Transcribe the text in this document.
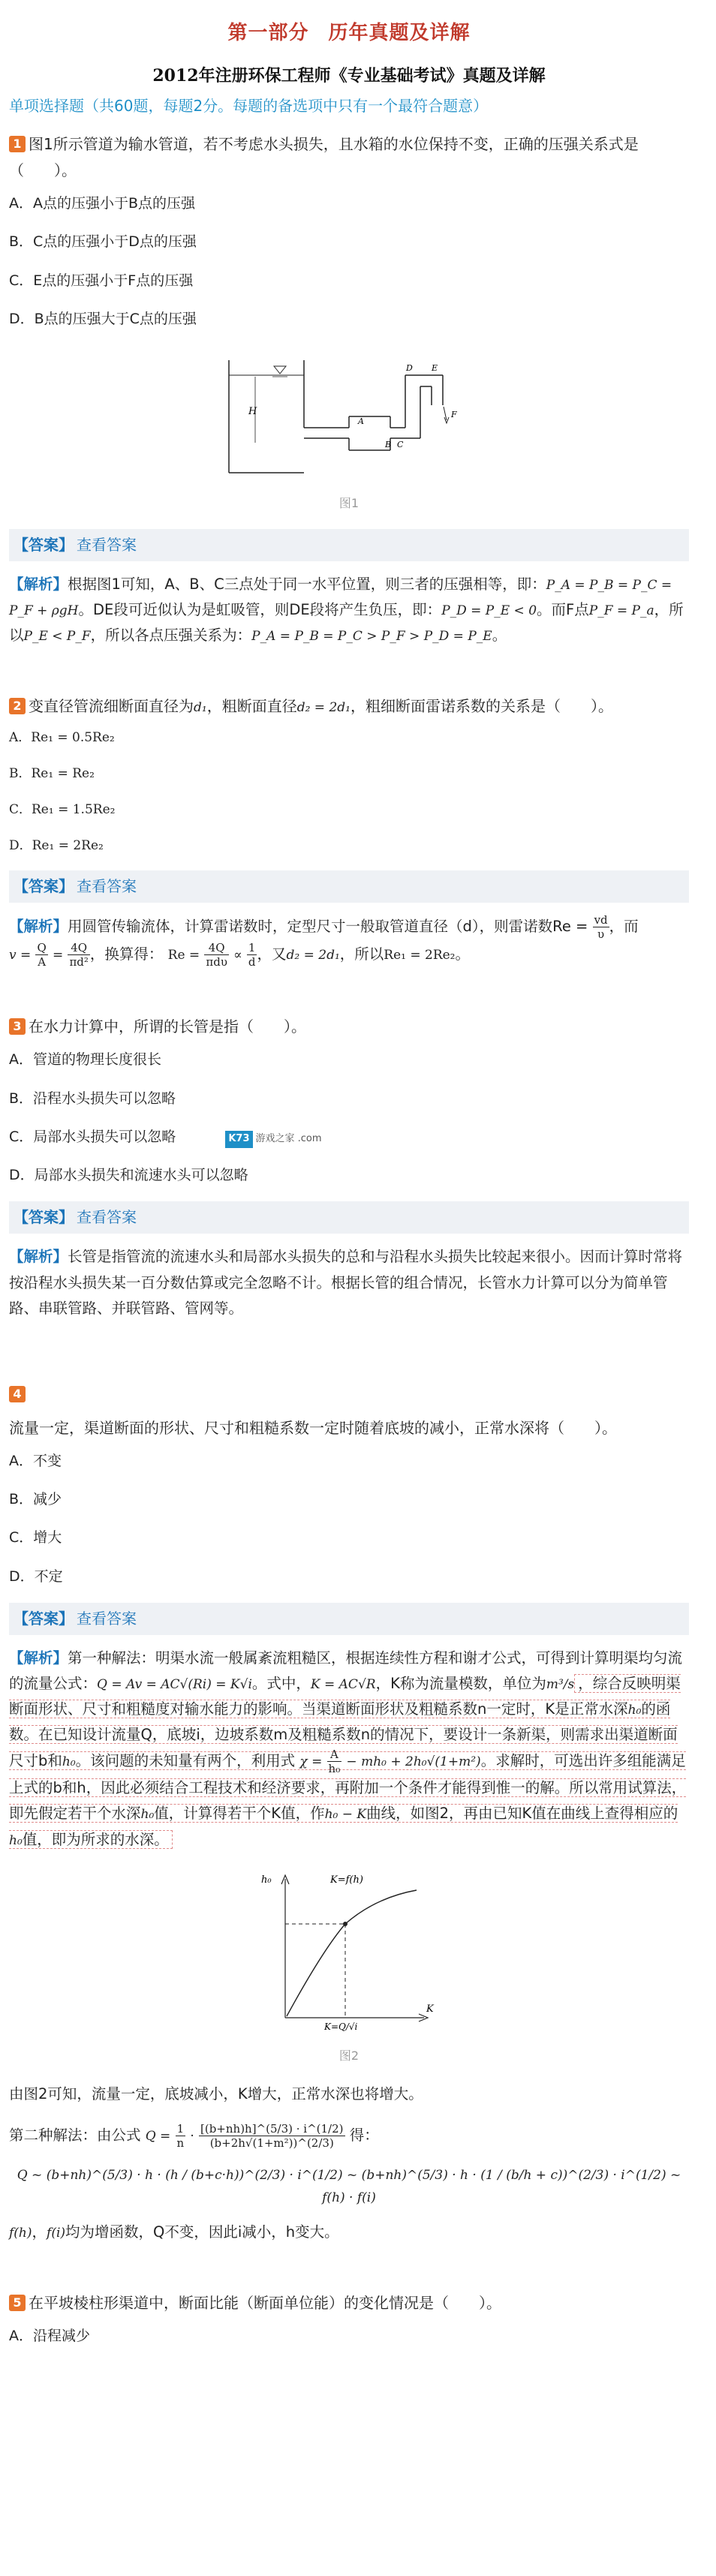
第一部分 历年真题及详解
2012年注册环保工程师《专业基础考试》真题及详解
单项选择题（共60题，每题2分。每题的备选项中只有一个最符合题意）
1 图1所示管道为输水管道，若不考虑水头损失，且水箱的水位保持不变，正确的压强关系式是（　　）。
A．A点的压强小于B点的压强
B．C点的压强小于D点的压强
C．E点的压强小于F点的压强
D．B点的压强大于C点的压强
H
A
B C
D E
F
图1
【答案】 查看答案
【解析】根据图1可知，A、B、C三点处于同一水平位置，则三者的压强相等，即：P_A = P_B = P_C = P_F + ρgH。DE段可近似认为是虹吸管，则DE段将产生负压，即：P_D = P_E < 0。而F点P_F = P_a，所以P_E < P_F，所以各点压强关系为：P_A = P_B = P_C > P_F > P_D = P_E。
2 变直径管流细断面直径为d₁，粗断面直径d₂ = 2d₁，粗细断面雷诺系数的关系是（　　）。
A．Re₁ = 0.5Re₂
B．Re₁ = Re₂
C．Re₁ = 1.5Re₂
D．Re₁ = 2Re₂
【答案】 查看答案
【解析】用圆管传输流体，计算雷诺数时，定型尺寸一般取管道直径（d），则雷诺数$Re = \frac{vd}{\upsilon}$ ，而
$v = \frac{Q}{A} = \frac{4Q}{\text{πd²}}$ ，换算得： $Re = \frac{4Q}{\text{πdυ}} \propto \frac{1}{d}$ ，又d₂ = 2d₁，所以Re₁ = 2Re₂。
3 在水力计算中，所谓的长管是指（　　）。
A．管道的物理长度很长
B．沿程水头损失可以忽略
C．局部水头损失可以忽略	K73 游戏之家 .com
D．局部水头损失和流速水头可以忽略
【答案】 查看答案
【解析】长管是指管流的流速水头和局部水头损失的总和与沿程水头损失比较起来很小。因而计算时常将按沿程水头损失某一百分数估算或完全忽略不计。根据长管的组合情况，长管水力计算可以分为简单管路、串联管路、并联管路、管网等。
4
流量一定，渠道断面的形状、尺寸和粗糙系数一定时随着底坡的减小，正常水深将（　　）。
A．不变
B．减少
C．增大
D．不定
【答案】 查看答案
【解析】第一种解法：明渠水流一般属紊流粗糙区，根据连续性方程和谢才公式，可得到计算明渠均匀流的流量公式：Q = Av = AC√(Ri) = K√i。式中，K = AC√R，K称为流量模数，单位为m³/s ，综合反映明渠断面形状、尺寸和粗糙度对输水能力的影响。当渠道断面形状及粗糙系数n一定时，K是正常水深h₀的函数。在已知设计流量Q，底坡i，边坡系数m及粗糙系数n的情况下，要设计一条新渠，则需求出渠道断面尺寸b和h₀。该问题的未知量有两个，利用式 $\chi = \frac{A}{\text{h₀}} - mh_0 + 2h_0√(1+m^2)$。求解时，可选出许多组能满足上式的b和h，因此必须结合工程技术和经济要求，再附加一个条件才能得到惟一的解。所以常用试算法，即先假定若干个水深h₀值，计算得若干个K值，作h₀ − K曲线，如图2，再由已知K值在曲线上查得相应的h₀值，即为所求的水深。
h₀	K=f(h)
K
K=Q/√i
图2
由图2可知，流量一定，底坡减小，K增大，正常水深也将增大。
第二种解法：由公式 $Q = \frac{1}{n} \cdot \frac{[(b+nh)h]\^{}(5/3) \cdot i\^{}(1/2)}{\text{(b+2h√(1+m²))\textasciicircum{}(2/3)}}$ 得：
Q ~ (b+nh)^(5/3) · h · (h / (b+c·h))^(2/3) · i^(1/2) ~ (b+nh)^(5/3) · h · (1 / (b/h + c))^(2/3) · i^(1/2) ~ f(h) · f(i)
f(h)，f(i)均为增函数，Q不变，因此i减小，h变大。
5 在平坡棱柱形渠道中，断面比能（断面单位能）的变化情况是（　　）。
A．沿程减少
